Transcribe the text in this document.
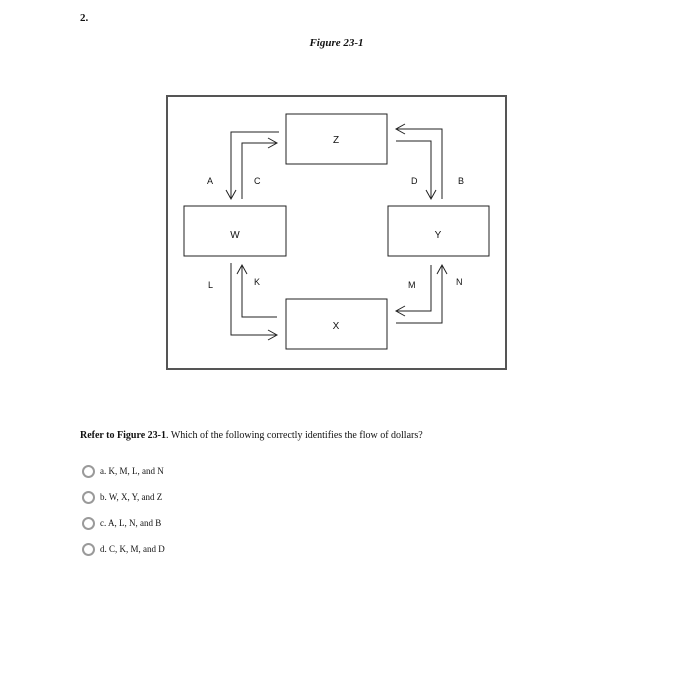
2.
Figure 23-1
Z
W	Y
X
A	C	D	B
L	K	M	N
Refer to Figure 23-1. Which of the following correctly identifies the flow of dollars?
a. K, M, L, and N
b. W, X, Y, and Z
c. A, L, N, and B
d. C, K, M, and D
